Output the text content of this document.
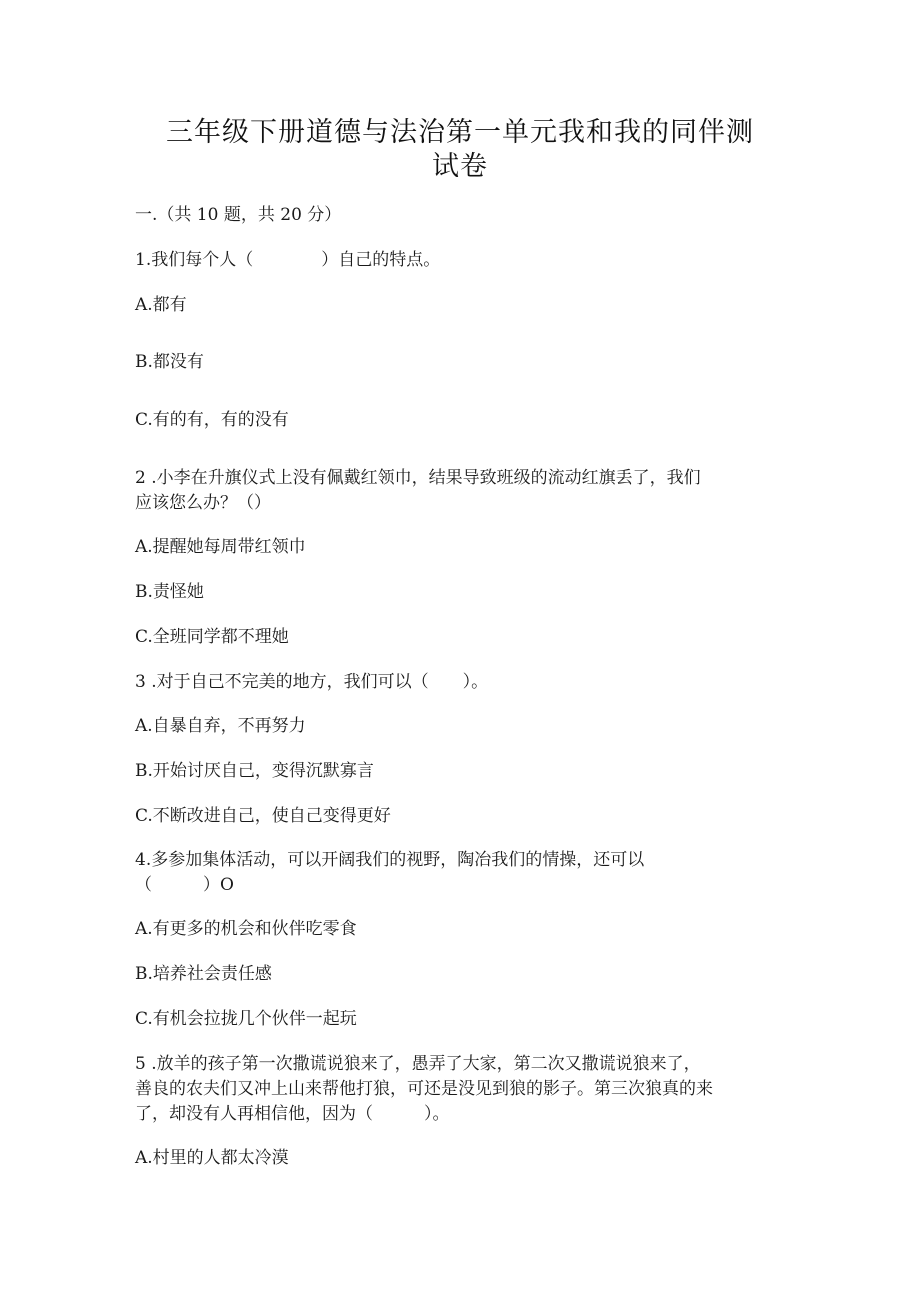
三年级下册道德与法治第一单元我和我的同伴测
试卷
一.（共 10 题，共 20 分）
1.我们每个人（　　　　）自己的特点。
A.都有
B.都没有
C.有的有，有的没有
2 .小李在升旗仪式上没有佩戴红领巾，结果导致班级的流动红旗丢了，我们
应该您么办？（）
A.提醒她每周带红领巾
B.责怪她
C.全班同学都不理她
3 .对于自己不完美的地方，我们可以（　　）。
A.自暴自弃，不再努力
B.开始讨厌自己，变得沉默寡言
C.不断改进自己，使自己变得更好
4.多参加集体活动，可以开阔我们的视野，陶冶我们的情操，还可以
（　　　）O
A.有更多的机会和伙伴吃零食
B.培养社会责任感
C.有机会拉拢几个伙伴一起玩
5 .放羊的孩子第一次撒谎说狼来了，愚弄了大家，第二次又撒谎说狼来了，
善良的农夫们又冲上山来帮他打狼，可还是没见到狼的影子。第三次狼真的来
了，却没有人再相信他，因为（　　　）。
A.村里的人都太冷漠
